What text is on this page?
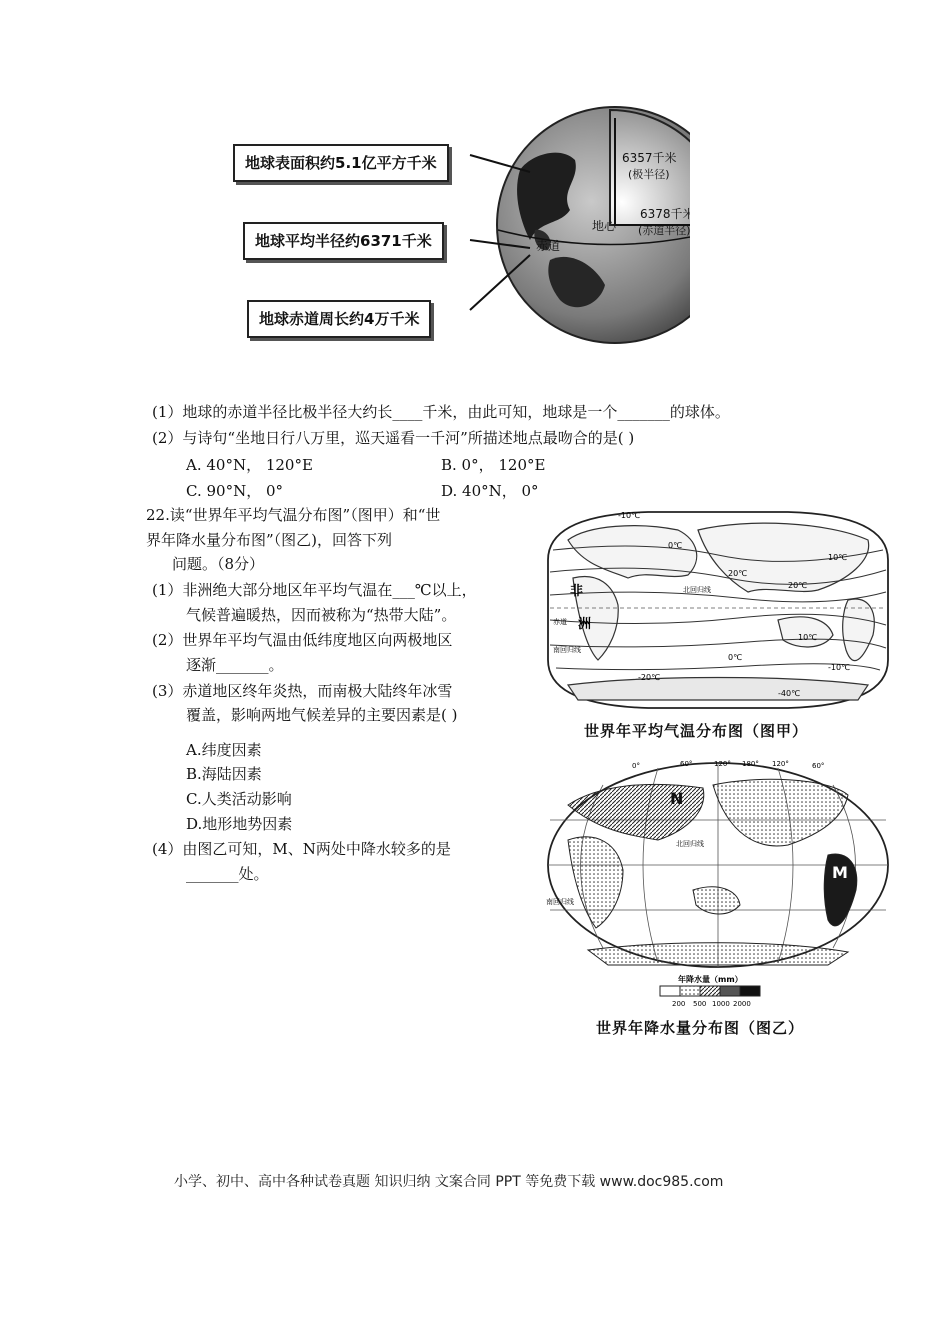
6357千米
(极半径)
6378千米
(赤道半径)
地心
赤道
地球表面积约5.1亿平方千米
地球平均半径约6371千米
地球赤道周长约4万千米
(1）地球的赤道半径比极半径大约长____千米，由此可知，地球是一个_______的球体。
(2）与诗句“坐地日行八万里，巡天遥看一千河”所描述地点最吻合的是( )
A. 40°N， 120°E	B. 0°， 120°E
C. 90°N， 0°	D. 40°N， 0°
22.读“世界年平均气温分布图”（图甲）和“世
界年降水量分布图”（图乙)，回答下列
问题。（8分）
(1）非洲绝大部分地区年平均气温在___℃以上，
气候普遍暖热，因而被称为“热带大陆”。
(2）世界年平均气温由低纬度地区向两极地区
逐渐_______。
(3）赤道地区终年炎热，而南极大陆终年冰雪
覆盖，影响两地气候差异的主要因素是( )
A.纬度因素
B.海陆因素
C.人类活动影响
D.地形地势因素
(4）由图乙可知，M、N两处中降水较多的是
_______处。
-10℃
0℃
10℃
20℃
20℃
10℃
0℃
-10℃
-20℃
-40℃
非
洲
北回归线
赤道
南回归线
世界年平均气温分布图（图甲）
0°	60°	120° 180° 120°	60°
M
N
北回归线
南回归线
年降水量（mm）
200 500 1000 2000
世界年降水量分布图（图乙）
小学、初中、高中各种试卷真题 知识归纳 文案合同 PPT 等免费下载 www.doc985.com
